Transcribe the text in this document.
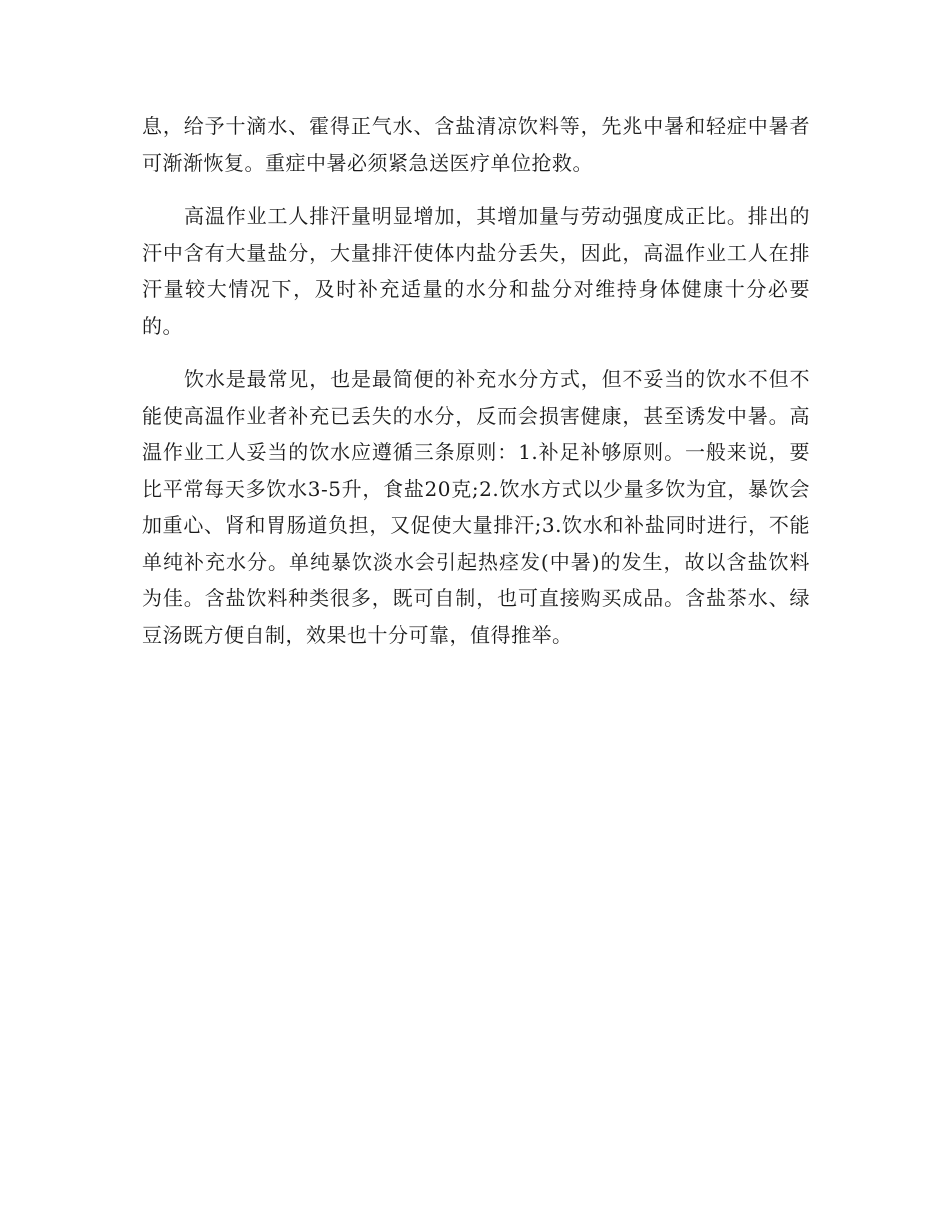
息，给予十滴水、霍得正气水、含盐清凉饮料等，先兆中暑和轻症中暑者可渐渐恢复。重症中暑必须紧急送医疗单位抢救。

高温作业工人排汗量明显增加，其增加量与劳动强度成正比。排出的汗中含有大量盐分，大量排汗使体内盐分丢失，因此，高温作业工人在排汗量较大情况下，及时补充适量的水分和盐分对维持身体健康十分必要的。

饮水是最常见，也是最简便的补充水分方式，但不妥当的饮水不但不能使高温作业者补充已丢失的水分，反而会损害健康，甚至诱发中暑。高温作业工人妥当的饮水应遵循三条原则：1.补足补够原则。一般来说，要比平常每天多饮水3-5升，食盐20克;2.饮水方式以少量多饮为宜，暴饮会加重心、肾和胃肠道负担，又促使大量排汗;3.饮水和补盐同时进行，不能单纯补充水分。单纯暴饮淡水会引起热痉发(中暑)的发生，故以含盐饮料为佳。含盐饮料种类很多，既可自制，也可直接购买成品。含盐茶水、绿豆汤既方便自制，效果也十分可靠，值得推举。
